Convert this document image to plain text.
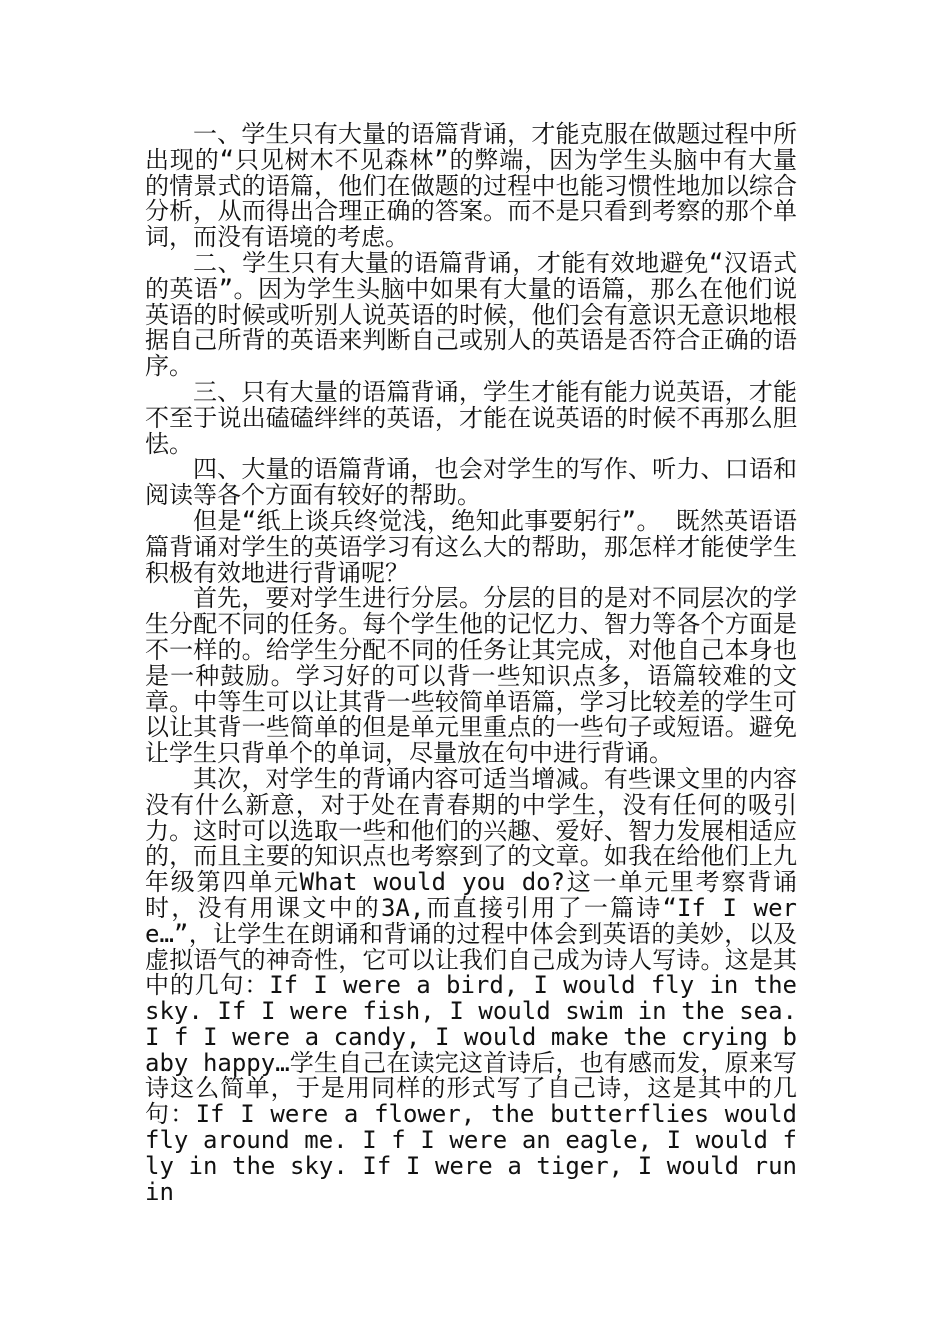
一、学生只有大量的语篇背诵，才能克服在做题过程中所出现的“只见树木不见森林”的弊端，因为学生头脑中有大量的情景式的语篇，他们在做题的过程中也能习惯性地加以综合分析，从而得出合理正确的答案。而不是只看到考察的那个单词，而没有语境的考虑。

二、学生只有大量的语篇背诵，才能有效地避免“汉语式的英语”。因为学生头脑中如果有大量的语篇，那么在他们说英语的时候或听别人说英语的时候，他们会有意识无意识地根据自己所背的英语来判断自己或别人的英语是否符合正确的语序。

三、只有大量的语篇背诵，学生才能有能力说英语，才能不至于说出磕磕绊绊的英语，才能在说英语的时候不再那么胆怯。

四、大量的语篇背诵，也会对学生的写作、听力、口语和阅读等各个方面有较好的帮助。

但是“纸上谈兵终觉浅，绝知此事要躬行”。 既然英语语篇背诵对学生的英语学习有这么大的帮助，那怎样才能使学生积极有效地进行背诵呢？

首先，要对学生进行分层。分层的目的是对不同层次的学生分配不同的任务。每个学生他的记忆力、智力等各个方面是不一样的。给学生分配不同的任务让其完成，对他自己本身也是一种鼓励。学习好的可以背一些知识点多，语篇较难的文章。中等生可以让其背一些较简单语篇，学习比较差的学生可以让其背一些简单的但是单元里重点的一些句子或短语。避免让学生只背单个的单词，尽量放在句中进行背诵。

其次，对学生的背诵内容可适当增减。有些课文里的内容没有什么新意，对于处在青春期的中学生，没有任何的吸引力。这时可以选取一些和他们的兴趣、爱好、智力发展相适应的，而且主要的知识点也考察到了的文章。如我在给他们上九年级第四单元What would you do?这一单元里考察背诵时，没有用课文中的3A,而直接引用了一篇诗“If I were…”，让学生在朗诵和背诵的过程中体会到英语的美妙，以及虚拟语气的神奇性，它可以让我们自己成为诗人写诗。这是其中的几句：If I were a bird, I would fly in the sky. If I were fish, I would swim in the sea. I f I were a candy, I would make the crying baby happy…学生自己在读完这首诗后，也有感而发，原来写诗这么简单，于是用同样的形式写了自己诗，这是其中的几句：If I were a flower, the butterflies would fly around me. I f I were an eagle, I would fly in the sky. If I were a tiger, I would run in
